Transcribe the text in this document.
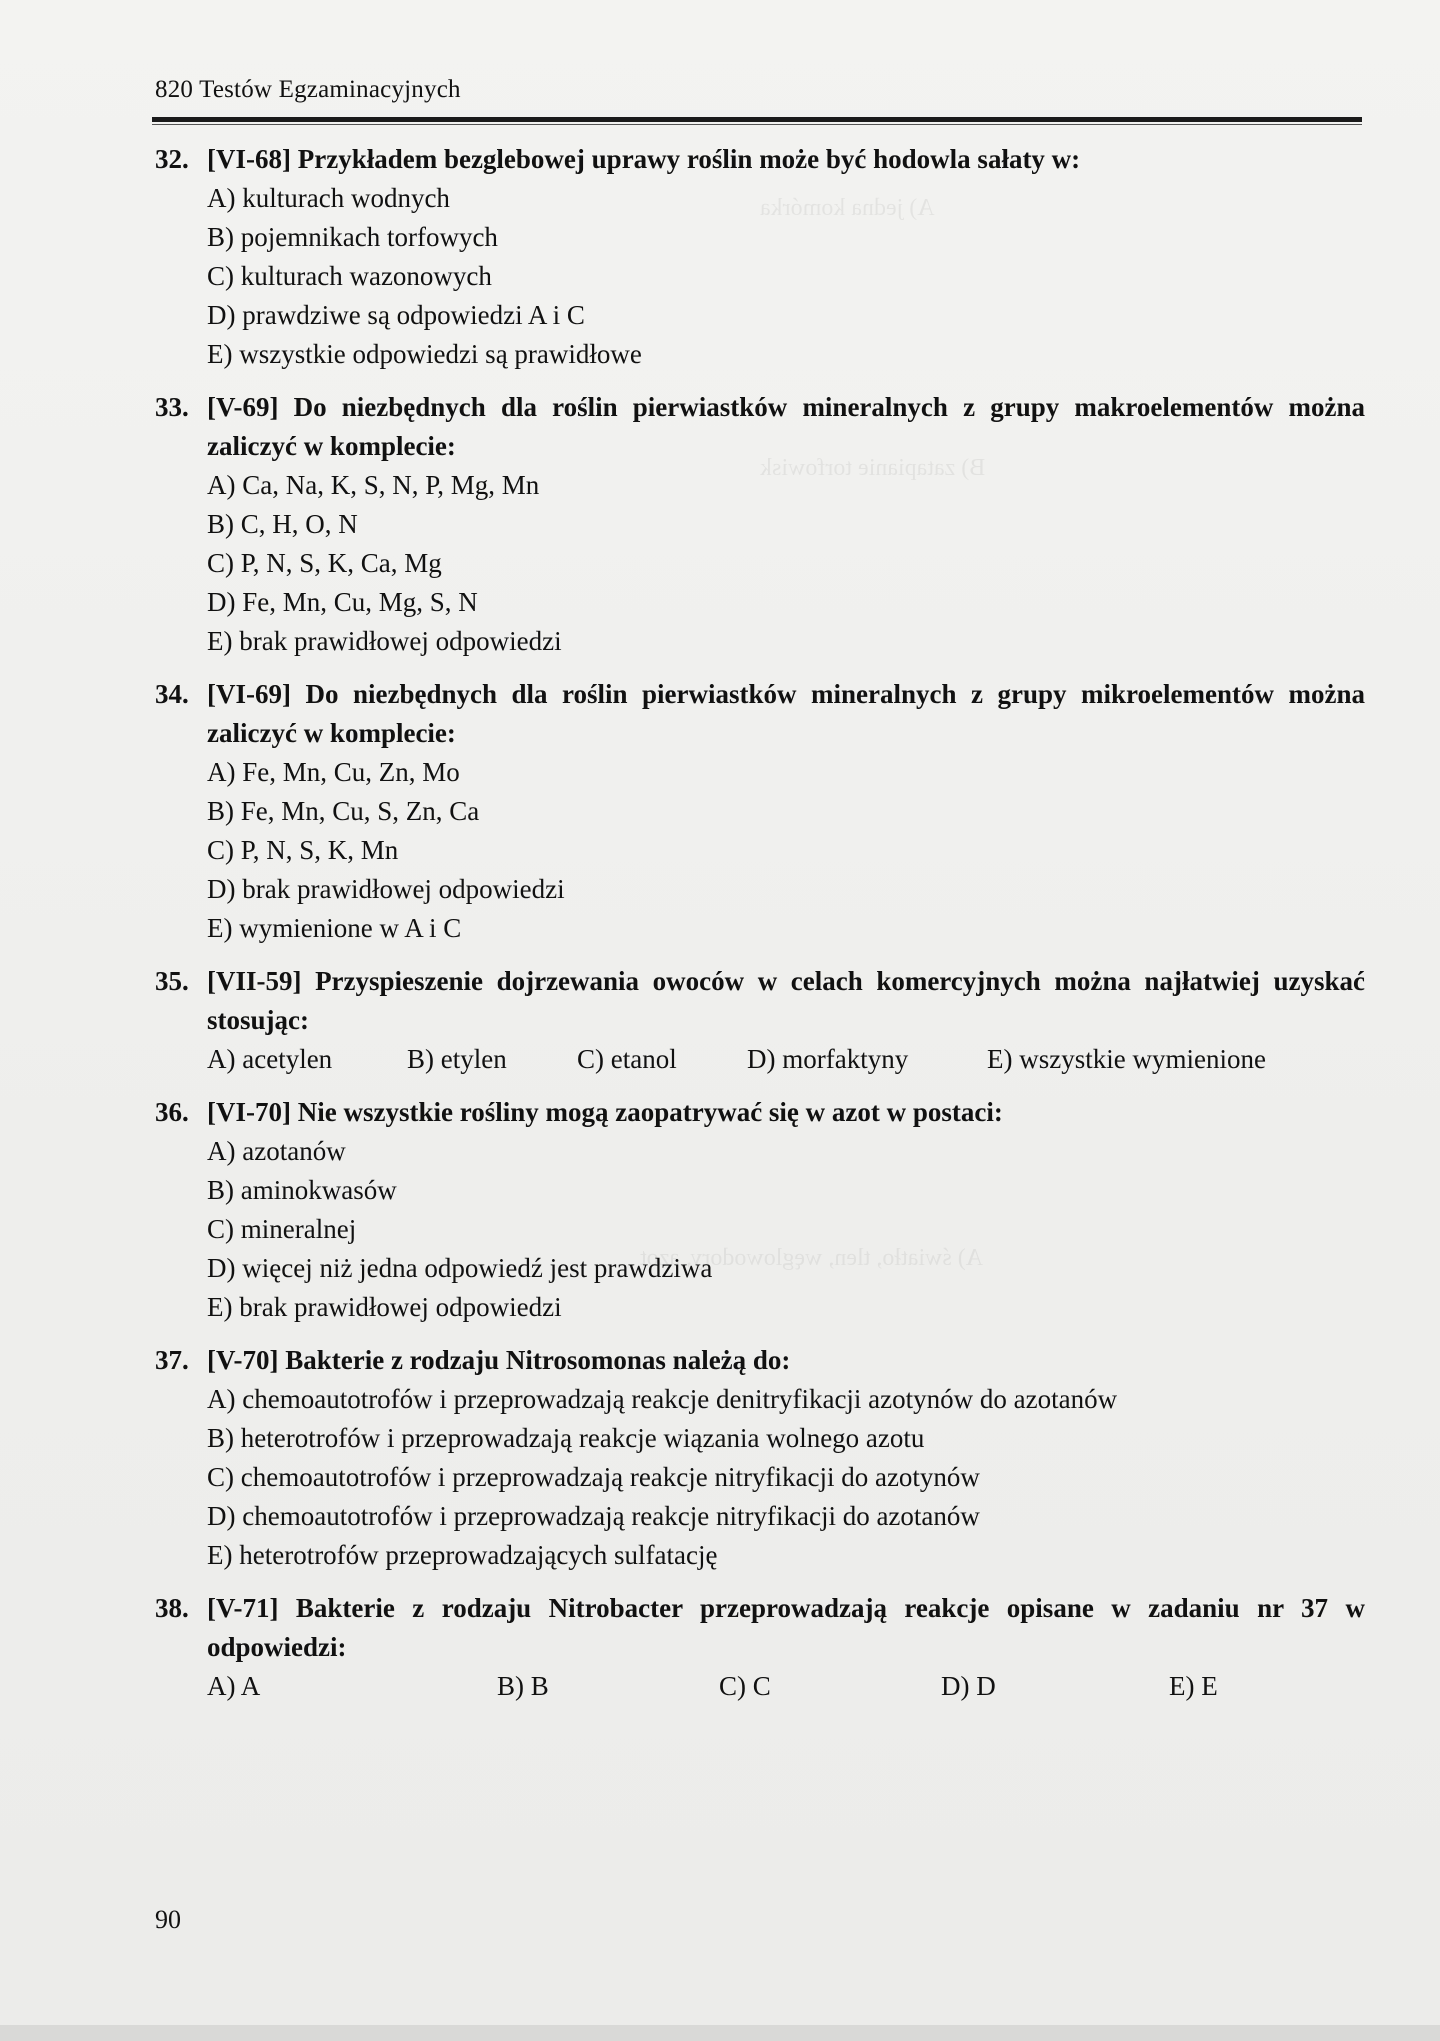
A) jedna komórka
B) zatapianie torfowisk
A) światło, tlen, węglowodory, azot
820 Testów Egzaminacyjnych
32. [VI-68] Przykładem bezglebowej uprawy roślin może być hodowla sałaty w:
A) kulturach wodnych
B) pojemnikach torfowych
C) kulturach wazonowych
D) prawdziwe są odpowiedzi A i C
E) wszystkie odpowiedzi są prawidłowe
33. [V-69] Do niezbędnych dla roślin pierwiastków mineralnych z grupy makroelementów można zaliczyć w komplecie:
A) Ca, Na, K, S, N, P, Mg, Mn
B) C, H, O, N
C) P, N, S, K, Ca, Mg
D) Fe, Mn, Cu, Mg, S, N
E) brak prawidłowej odpowiedzi
34. [VI-69] Do niezbędnych dla roślin pierwiastków mineralnych z grupy mikroelementów można zaliczyć w komplecie:
A) Fe, Mn, Cu, Zn, Mo
B) Fe, Mn, Cu, S, Zn, Ca
C) P, N, S, K, Mn
D) brak prawidłowej odpowiedzi
E) wymienione w A i C
35. [VII-59] Przyspieszenie dojrzewania owoców w celach komercyjnych można najłatwiej uzyskać stosując:
A) acetylen	B) etylen	C) etanol	D) morfaktyny	E) wszystkie wymienione
36. [VI-70] Nie wszystkie rośliny mogą zaopatrywać się w azot w postaci:
A) azotanów
B) aminokwasów
C) mineralnej
D) więcej niż jedna odpowiedź jest prawdziwa
E) brak prawidłowej odpowiedzi
37. [V-70] Bakterie z rodzaju Nitrosomonas należą do:
A) chemoautotrofów i przeprowadzają reakcje denitryfikacji azotynów do azotanów
B) heterotrofów i przeprowadzają reakcje wiązania wolnego azotu
C) chemoautotrofów i przeprowadzają reakcje nitryfikacji do azotynów
D) chemoautotrofów i przeprowadzają reakcje nitryfikacji do azotanów
E) heterotrofów przeprowadzających sulfatację
38. [V-71] Bakterie z rodzaju Nitrobacter przeprowadzają reakcje opisane w zadaniu nr 37 w odpowiedzi:
A) A	B) B	C) C	D) D	E) E
90
